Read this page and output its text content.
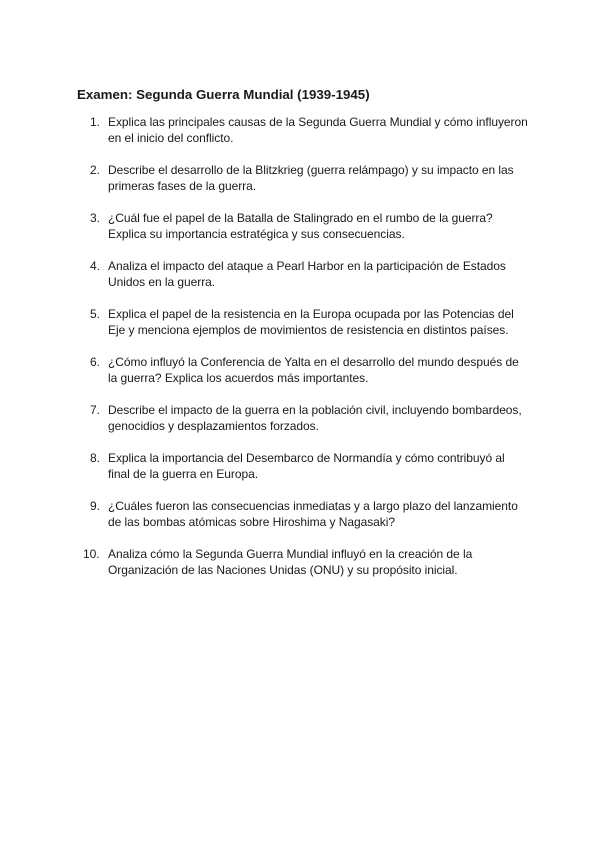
Examen: Segunda Guerra Mundial (1939-1945)
1. Explica las principales causas de la Segunda Guerra Mundial y cómo influyeron en el inicio del conflicto.
2. Describe el desarrollo de la Blitzkrieg (guerra relámpago) y su impacto en las primeras fases de la guerra.
3. ¿Cuál fue el papel de la Batalla de Stalingrado en el rumbo de la guerra? Explica su importancia estratégica y sus consecuencias.
4. Analiza el impacto del ataque a Pearl Harbor en la participación de Estados Unidos en la guerra.
5. Explica el papel de la resistencia en la Europa ocupada por las Potencias del Eje y menciona ejemplos de movimientos de resistencia en distintos países.
6. ¿Cómo influyó la Conferencia de Yalta en el desarrollo del mundo después de la guerra? Explica los acuerdos más importantes.
7. Describe el impacto de la guerra en la población civil, incluyendo bombardeos, genocidios y desplazamientos forzados.
8. Explica la importancia del Desembarco de Normandía y cómo contribuyó al final de la guerra en Europa.
9. ¿Cuáles fueron las consecuencias inmediatas y a largo plazo del lanzamiento de las bombas atómicas sobre Hiroshima y Nagasaki?
10. Analiza cómo la Segunda Guerra Mundial influyó en la creación de la Organización de las Naciones Unidas (ONU) y su propósito inicial.
